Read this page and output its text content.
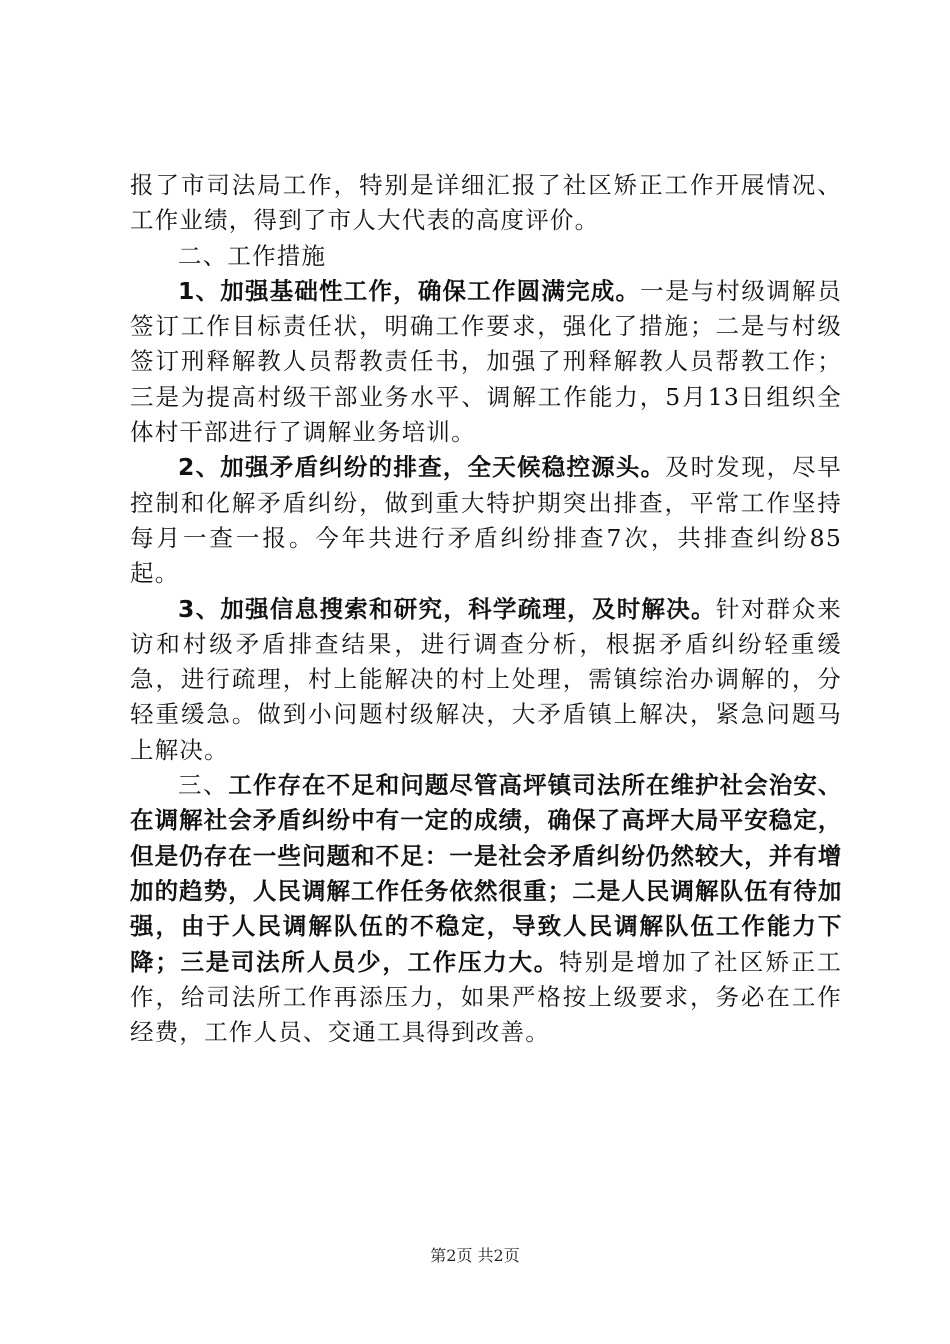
报了市司法局工作，特别是详细汇报了社区矫正工作开展情况、工作业绩，得到了市人大代表的高度评价。

二、工作措施

1、加强基础性工作，确保工作圆满完成。一是与村级调解员签订工作目标责任状，明确工作要求，强化了措施；二是与村级签订刑释解教人员帮教责任书，加强了刑释解教人员帮教工作；三是为提高村级干部业务水平、调解工作能力，5月13日组织全体村干部进行了调解业务培训。

2、加强矛盾纠纷的排查，全天候稳控源头。及时发现，尽早控制和化解矛盾纠纷，做到重大特护期突出排查，平常工作坚持每月一查一报。今年共进行矛盾纠纷排查7次，共排查纠纷85起。

3、加强信息搜索和研究，科学疏理，及时解决。针对群众来访和村级矛盾排查结果，进行调查分析，根据矛盾纠纷轻重缓急，进行疏理，村上能解决的村上处理，需镇综治办调解的，分轻重缓急。做到小问题村级解决，大矛盾镇上解决，紧急问题马上解决。

三、工作存在不足和问题尽管高坪镇司法所在维护社会治安、在调解社会矛盾纠纷中有一定的成绩，确保了高坪大局平安稳定，但是仍存在一些问题和不足：一是社会矛盾纠纷仍然较大，并有增加的趋势，人民调解工作任务依然很重；二是人民调解队伍有待加强，由于人民调解队伍的不稳定，导致人民调解队伍工作能力下降；三是司法所人员少，工作压力大。特别是增加了社区矫正工作，给司法所工作再添压力，如果严格按上级要求，务必在工作经费，工作人员、交通工具得到改善。

第2页 共2页
